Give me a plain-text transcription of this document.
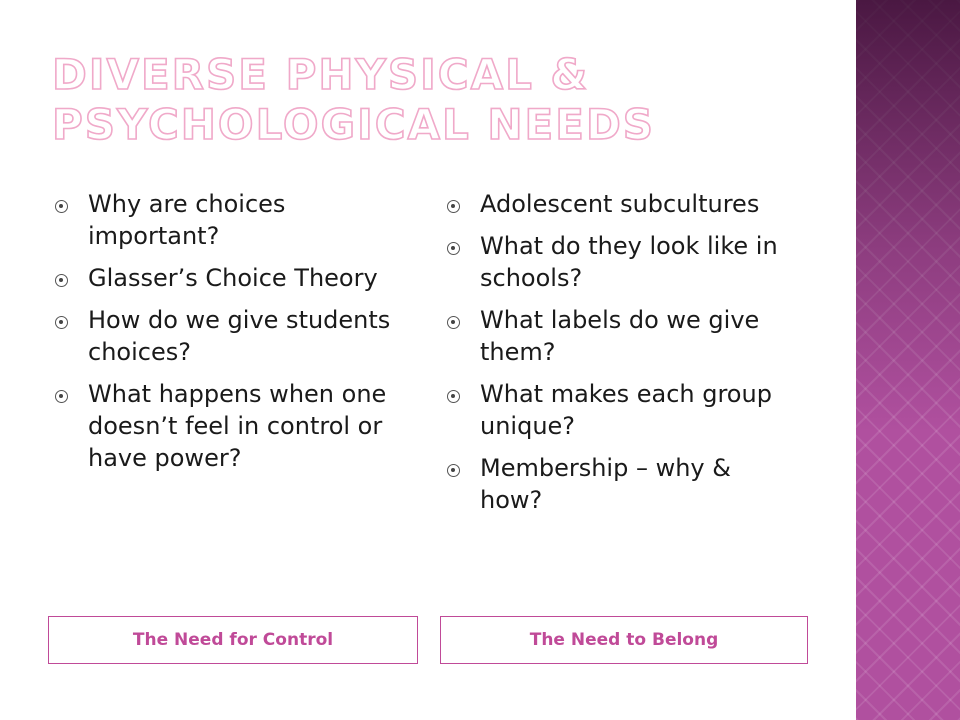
DIVERSE PHYSICAL &
PSYCHOLOGICAL NEEDS
Why are choices important?
Glasser’s Choice Theory
How do we give students choices?
What happens when one doesn’t feel in control or have power?
Adolescent subcultures
What do they look like in schools?
What labels do we give them?
What makes each group unique?
Membership – why & how?
The Need for Control	The Need to Belong
